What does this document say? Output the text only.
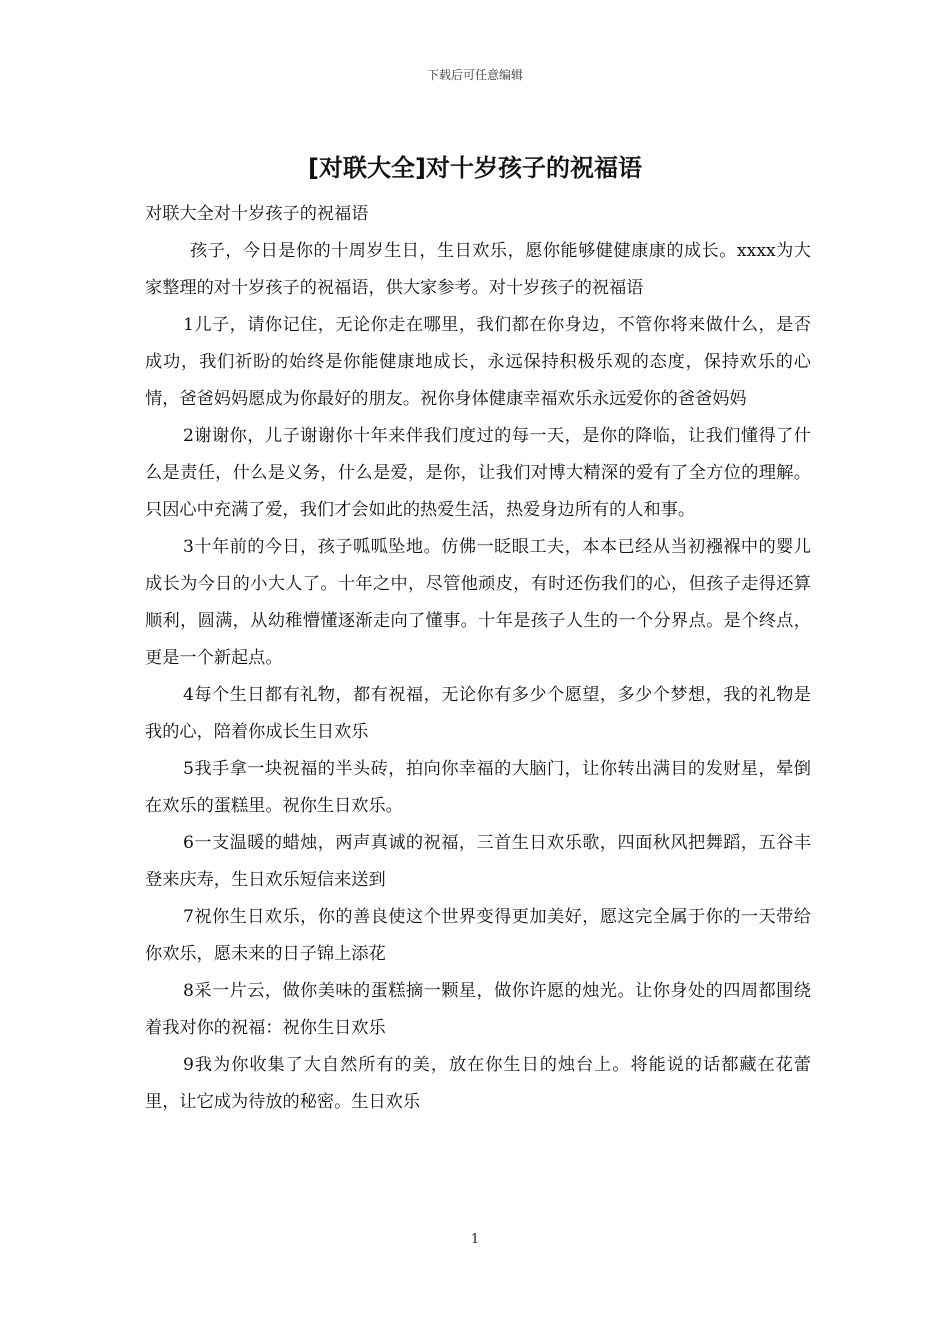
下载后可任意编辑
[对联大全]对十岁孩子的祝福语

对联大全对十岁孩子的祝福语

孩子，今日是你的十周岁生日，生日欢乐，愿你能够健健康康的成长。xxxx为大家整理的对十岁孩子的祝福语，供大家参考。对十岁孩子的祝福语

1儿子，请你记住，无论你走在哪里，我们都在你身边，不管你将来做什么，是否成功，我们祈盼的始终是你能健康地成长，永远保持积极乐观的态度，保持欢乐的心情，爸爸妈妈愿成为你最好的朋友。祝你身体健康幸福欢乐永远爱你的爸爸妈妈

2谢谢你，儿子谢谢你十年来伴我们度过的每一天，是你的降临，让我们懂得了什么是责任，什么是义务，什么是爱，是你，让我们对博大精深的爱有了全方位的理解。只因心中充满了爱，我们才会如此的热爱生活，热爱身边所有的人和事。

3十年前的今日，孩子呱呱坠地。仿佛一眨眼工夫，本本已经从当初襁褓中的婴儿成长为今日的小大人了。十年之中，尽管他顽皮，有时还伤我们的心，但孩子走得还算顺利，圆满，从幼稚懵懂逐渐走向了懂事。十年是孩子人生的一个分界点。是个终点，更是一个新起点。

4每个生日都有礼物，都有祝福，无论你有多少个愿望，多少个梦想，我的礼物是我的心，陪着你成长生日欢乐

5我手拿一块祝福的半头砖，拍向你幸福的大脑门，让你转出满目的发财星，晕倒在欢乐的蛋糕里。祝你生日欢乐。

6一支温暖的蜡烛，两声真诚的祝福，三首生日欢乐歌，四面秋风把舞蹈，五谷丰登来庆寿，生日欢乐短信来送到

7祝你生日欢乐，你的善良使这个世界变得更加美好，愿这完全属于你的一天带给你欢乐，愿未来的日子锦上添花

8采一片云，做你美味的蛋糕摘一颗星，做你许愿的烛光。让你身处的四周都围绕着我对你的祝福：祝你生日欢乐

9我为你收集了大自然所有的美，放在你生日的烛台上。将能说的话都藏在花蕾里，让它成为待放的秘密。生日欢乐

1
